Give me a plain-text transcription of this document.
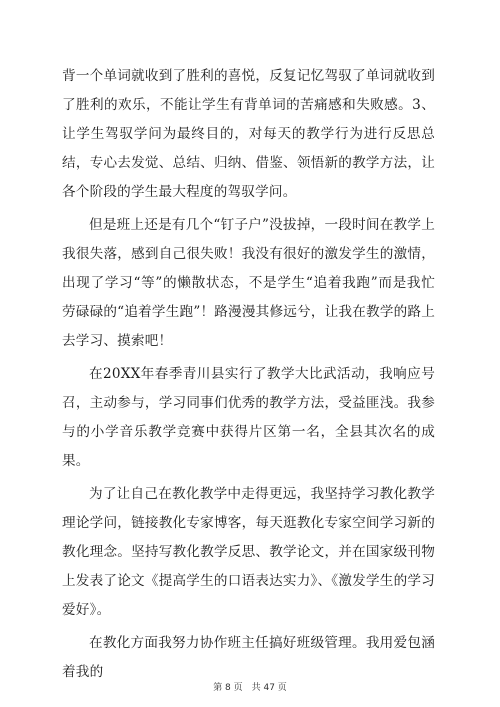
背一个单词就收到了胜利的喜悦，反复记忆驾驭了单词就收到了胜利的欢乐，不能让学生有背单词的苦痛感和失败感。3、让学生驾驭学问为最终目的，对每天的教学行为进行反思总结，专心去发觉、总结、归纳、借鉴、领悟新的教学方法，让各个阶段的学生最大程度的驾驭学问。

但是班上还是有几个“钉子户”没拔掉，一段时间在教学上我很失落，感到自己很失败！我没有很好的激发学生的激情，出现了学习“等”的懒散状态，不是学生“追着我跑”而是我忙劳碌碌的“追着学生跑”！路漫漫其修远兮，让我在教学的路上去学习、摸索吧！

在20XX年春季青川县实行了教学大比武活动，我响应号召，主动参与，学习同事们优秀的教学方法，受益匪浅。我参与的小学音乐教学竞赛中获得片区第一名，全县其次名的成果。

为了让自己在教化教学中走得更远，我坚持学习教化教学理论学问，链接教化专家博客，每天逛教化专家空间学习新的教化理念。坚持写教化教学反思、教学论文，并在国家级刊物上发表了论文《提高学生的口语表达实力》、《激发学生的学习爱好》。

在教化方面我努力协作班主任搞好班级管理。我用爱包涵着我的

第 8 页　共 47 页
